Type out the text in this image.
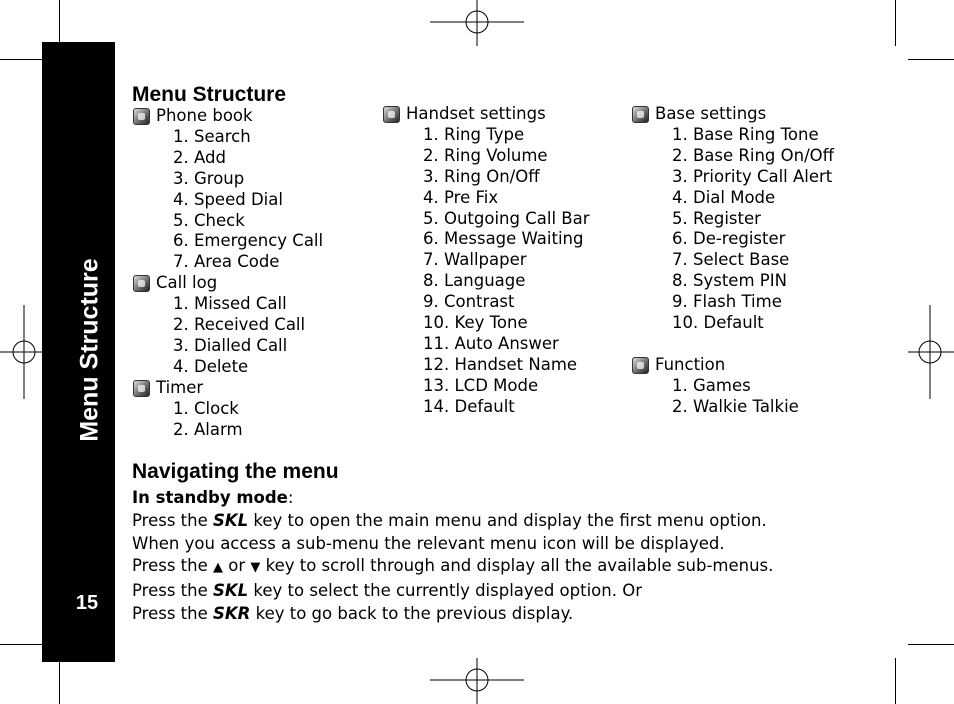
Menu Structure
15
Menu Structure
Phone book
1. Search
2. Add
3. Group
4. Speed Dial
5. Check
6. Emergency Call
7. Area Code
Call log
1. Missed Call
2. Received Call
3. Dialled Call
4. Delete
Timer
1. Clock
2. Alarm
Handset settings
1. Ring Type
2. Ring Volume
3. Ring On/Off
4. Pre Fix
5. Outgoing Call Bar
6. Message Waiting
7. Wallpaper
8. Language
9. Contrast
10. Key Tone
11. Auto Answer
12. Handset Name
13. LCD Mode
14. Default
Base settings
1. Base Ring Tone
2. Base Ring On/Off
3. Priority Call Alert
4. Dial Mode
5. Register
6. De-register
7. Select Base
8. System PIN
9. Flash Time
10. Default
Function
1. Games
2. Walkie Talkie
Navigating the menu
In standby mode:
Press the SKL key to open the main menu and display the first menu option.
When you access a sub-menu the relevant menu icon will be displayed.
Press the ▲ or ▼ key to scroll through and display all the available sub-menus.
Press the SKL key to select the currently displayed option. Or
Press the SKR key to go back to the previous display.
